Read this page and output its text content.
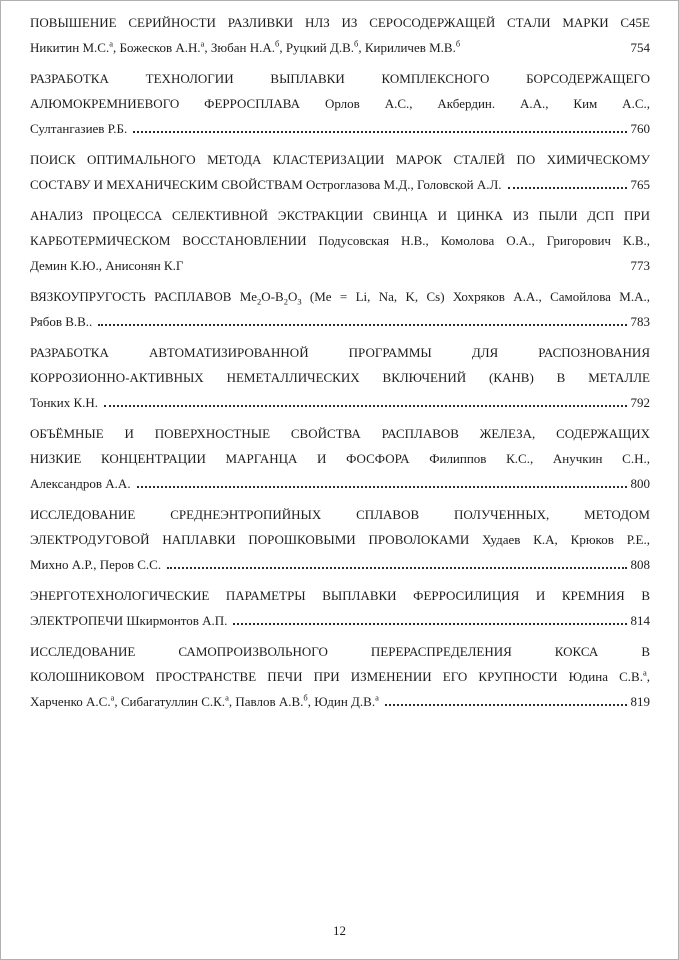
ПОВЫШЕНИЕ СЕРИЙНОСТИ РАЗЛИВКИ НЛЗ ИЗ СЕРОСОДЕРЖАЩЕЙ СТАЛИ МАРКИ С45Е
Никитин М.С.$^а$, Божесков А.Н.$^а$, Зюбан Н.А.$^б$, Руцкий Д.В.$^б$, Кириличев М.В.$^б$	754
РАЗРАБОТКА ТЕХНОЛОГИИ ВЫПЛАВКИ КОМПЛЕКСНОГО БОРСОДЕРЖАЩЕГО
АЛЮМОКРЕМНИЕВОГО ФЕРРОСПЛАВА Орлов А.С., Акбердин. А.А., Ким А.С.,
Султангазиев Р.Б.	760
ПОИСК ОПТИМАЛЬНОГО МЕТОДА КЛАСТЕРИЗАЦИИ МАРОК СТАЛЕЙ ПО ХИМИЧЕСКОМУ
СОСТАВУ И МЕХАНИЧЕСКИМ СВОЙСТВАМ Остроглазова М.Д., Головской А.Л.	765
АНАЛИЗ ПРОЦЕССА СЕЛЕКТИВНОЙ ЭКСТРАКЦИИ СВИНЦА И ЦИНКА ИЗ ПЫЛИ ДСП ПРИ
КАРБОТЕРМИЧЕСКОМ ВОССТАНОВЛЕНИИ Подусовская Н.В., Комолова О.А., Григорович К.В.,
Демин К.Ю., Анисонян К.Г	773
ВЯЗКОУПРУГОСТЬ РАСПЛАВОВ $Me_2O-B_2O_3$ (Me = Li, Na, K, Cs) Хохряков А.А., Самойлова М.А.,
Рябов В.В..	783
РАЗРАБОТКА АВТОМАТИЗИРОВАННОЙ ПРОГРАММЫ ДЛЯ РАСПОЗНОВАНИЯ
КОРРОЗИОННО-АКТИВНЫХ НЕМЕТАЛЛИЧЕСКИХ ВКЛЮЧЕНИЙ (КАНВ) В МЕТАЛЛЕ
Тонких К.Н.	792
ОБЪЁМНЫЕ И ПОВЕРХНОСТНЫЕ СВОЙСТВА РАСПЛАВОВ ЖЕЛЕЗА, СОДЕРЖАЩИХ
НИЗКИЕ КОНЦЕНТРАЦИИ МАРГАНЦА И ФОСФОРА Филиппов К.С., Анучкин С.Н.,
Александров А.А.	800
ИССЛЕДОВАНИЕ СРЕДНЕЭНТРОПИЙНЫХ СПЛАВОВ ПОЛУЧЕННЫХ, МЕТОДОМ
ЭЛЕКТРОДУГОВОЙ НАПЛАВКИ ПОРОШКОВЫМИ ПРОВОЛОКАМИ Худаев К.А, Крюков Р.Е.,
Михно А.Р., Перов С.С.	808
ЭНЕРГОТЕХНОЛОГИЧЕСКИЕ ПАРАМЕТРЫ ВЫПЛАВКИ ФЕРРОСИЛИЦИЯ И КРЕМНИЯ В
ЭЛЕКТРОПЕЧИ Шкирмонтов А.П.	814
ИССЛЕДОВАНИЕ САМОПРОИЗВОЛЬНОГО ПЕРЕРАСПРЕДЕЛЕНИЯ КОКСА В
КОЛОШНИКОВОМ ПРОСТРАНСТВЕ ПЕЧИ ПРИ ИЗМЕНЕНИИ ЕГО КРУПНОСТИ Юдина С.В.$^а$,
Харченко А.С.$^а$, Сибагатуллин С.К.$^а$, Павлов А.В.$^б$, Юдин Д.В.$^а$	819
12
